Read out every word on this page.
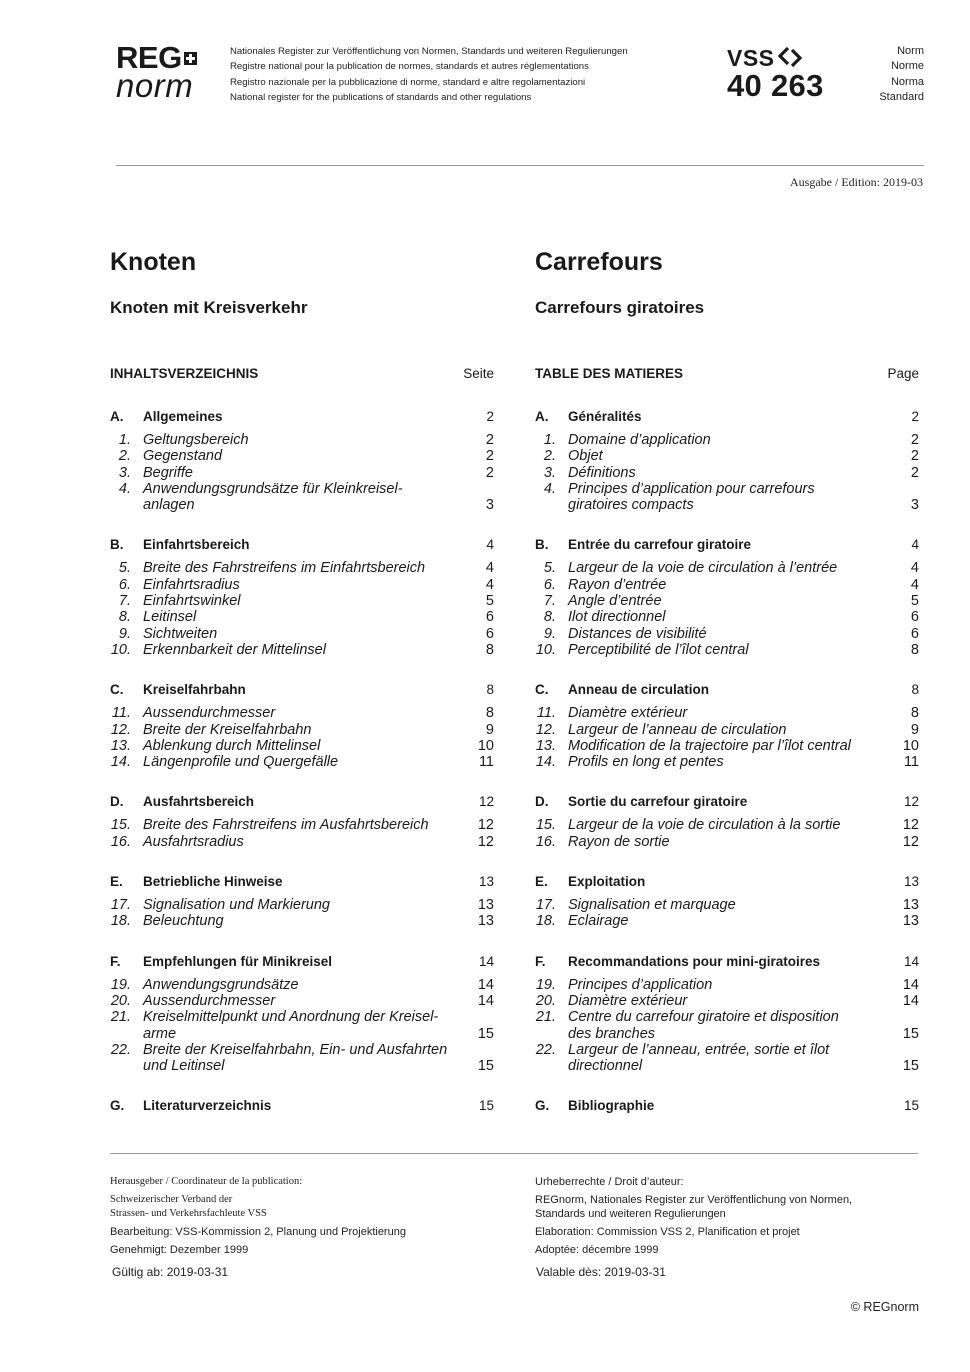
REG
norm
Nationales Register zur Veröffentlichung von Normen, Standards und weiteren Regulierungen
Registre national pour la publication de normes, standards et autres réglementations
Registro nazionale per la pubblicazione di norme, standard e altre regolamentazioni
National register for the publications of standards and other regulations
VSS
40 263
Norm
Norme
Norma
Standard
Ausgabe / Edition: 2019-03
Knoten
Knoten mit Kreisverkehr
Carrefours
Carrefours giratoires
INHALTSVERZEICHNIS	Seite
A.	Allgemeines	2
1. Geltungsbereich	2
2. Gegenstand	2
3. Begriffe	2
4. Anwendungsgrundsätze für Kleinkreisel-
anlagen	3
B.	Einfahrtsbereich	4
5. Breite des Fahrstreifens im Einfahrtsbereich	4
6. Einfahrtsradius	4
7. Einfahrtswinkel	5
8. Leitinsel	6
9. Sichtweiten	6
10. Erkennbarkeit der Mittelinsel	8
C.	Kreiselfahrbahn	8
11. Aussendurchmesser	8
12. Breite der Kreiselfahrbahn	9
13. Ablenkung durch Mittelinsel	10
14. Längenprofile und Quergefälle	11
D.	Ausfahrtsbereich	12
15. Breite des Fahrstreifens im Ausfahrtsbereich	12
16. Ausfahrtsradius	12
E.	Betriebliche Hinweise	13
17. Signalisation und Markierung	13
18. Beleuchtung	13
F.	Empfehlungen für Minikreisel	14
19. Anwendungsgrundsätze	14
20. Aussendurchmesser	14
21. Kreiselmittelpunkt und Anordnung der Kreisel-
arme	15
22. Breite der Kreiselfahrbahn, Ein- und Ausfahrten
und Leitinsel	15
G.	Literaturverzeichnis	15
TABLE DES MATIERES	Page
A.	Généralités	2
1. Domaine d’application	2
2. Objet	2
3. Définitions	2
4. Principes d’application pour carrefours
giratoires compacts	3
B.	Entrée du carrefour giratoire	4
5. Largeur de la voie de circulation à l’entrée	4
6. Rayon d’entrée	4
7. Angle d’entrée	5
8. Ilot directionnel	6
9. Distances de visibilité	6
10. Perceptibilité de l’îlot central	8
C.	Anneau de circulation	8
11. Diamètre extérieur	8
12. Largeur de l’anneau de circulation	9
13. Modification de la trajectoire par l’îlot central	10
14. Profils en long et pentes	11
D.	Sortie du carrefour giratoire	12
15. Largeur de la voie de circulation à la sortie	12
16. Rayon de sortie	12
E.	Exploitation	13
17. Signalisation et marquage	13
18. Eclairage	13
F.	Recommandations pour mini-giratoires	14
19. Principes d’application	14
20. Diamètre extérieur	14
21. Centre du carrefour giratoire et disposition
des branches	15
22. Largeur de l’anneau, entrée, sortie et îlot
directionnel	15
G.	Bibliographie	15
Herausgeber / Coordinateur de la publication:
Schweizerischer Verband der
Strassen- und Verkehrsfachleute VSS
Bearbeitung: VSS-Kommission 2, Planung und Projektierung
Genehmigt: Dezember 1999
Gültig ab: 2019-03-31
Urheberrechte / Droit d’auteur:
REGnorm, Nationales Register zur Veröffentlichung von Normen,
Standards und weiteren Regulierungen
Elaboration: Commission VSS 2, Planification et projet
Adoptée: décembre 1999
Valable dès: 2019-03-31
© REGnorm
